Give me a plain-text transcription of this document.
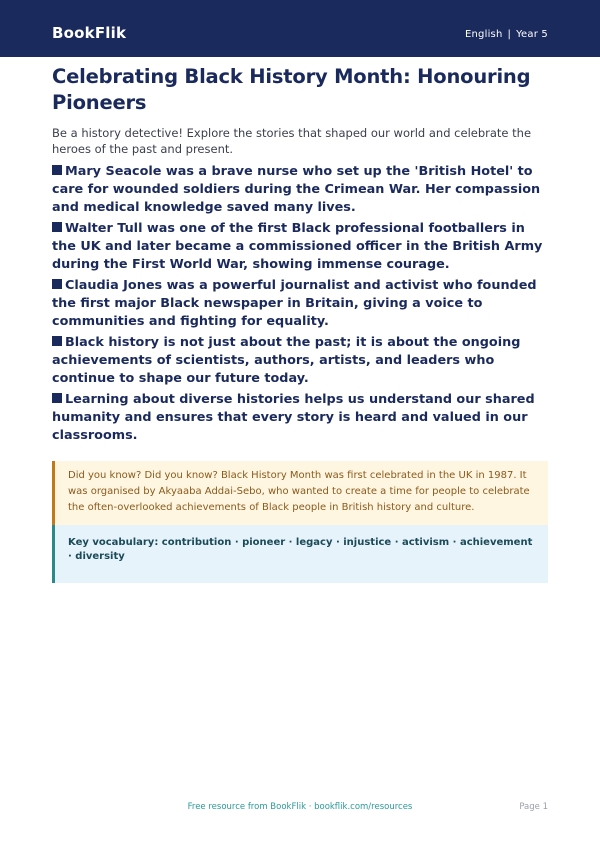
BookFlik	English | Year 5
Celebrating Black History Month: Honouring Pioneers

Be a history detective! Explore the stories that shaped our world and celebrate the heroes of the past and present.

Mary Seacole was a brave nurse who set up the 'British Hotel' to care for wounded soldiers during the Crimean War. Her compassion and medical knowledge saved many lives.

Walter Tull was one of the first Black professional footballers in the UK and later became a commissioned officer in the British Army during the First World War, showing immense courage.

Claudia Jones was a powerful journalist and activist who founded the first major Black newspaper in Britain, giving a voice to communities and fighting for equality.

Black history is not just about the past; it is about the ongoing achievements of scientists, authors, artists, and leaders who continue to shape our future today.

Learning about diverse histories helps us understand our shared humanity and ensures that every story is heard and valued in our classrooms.

Did you know? Did you know? Black History Month was first celebrated in the UK in 1987. It was organised by Akyaaba Addai-Sebo, who wanted to create a time for people to celebrate the often-overlooked achievements of Black people in British history and culture.
Key vocabulary: contribution · pioneer · legacy · injustice · activism · achievement · diversity
Free resource from BookFlik · bookflik.com/resources	Page 1
